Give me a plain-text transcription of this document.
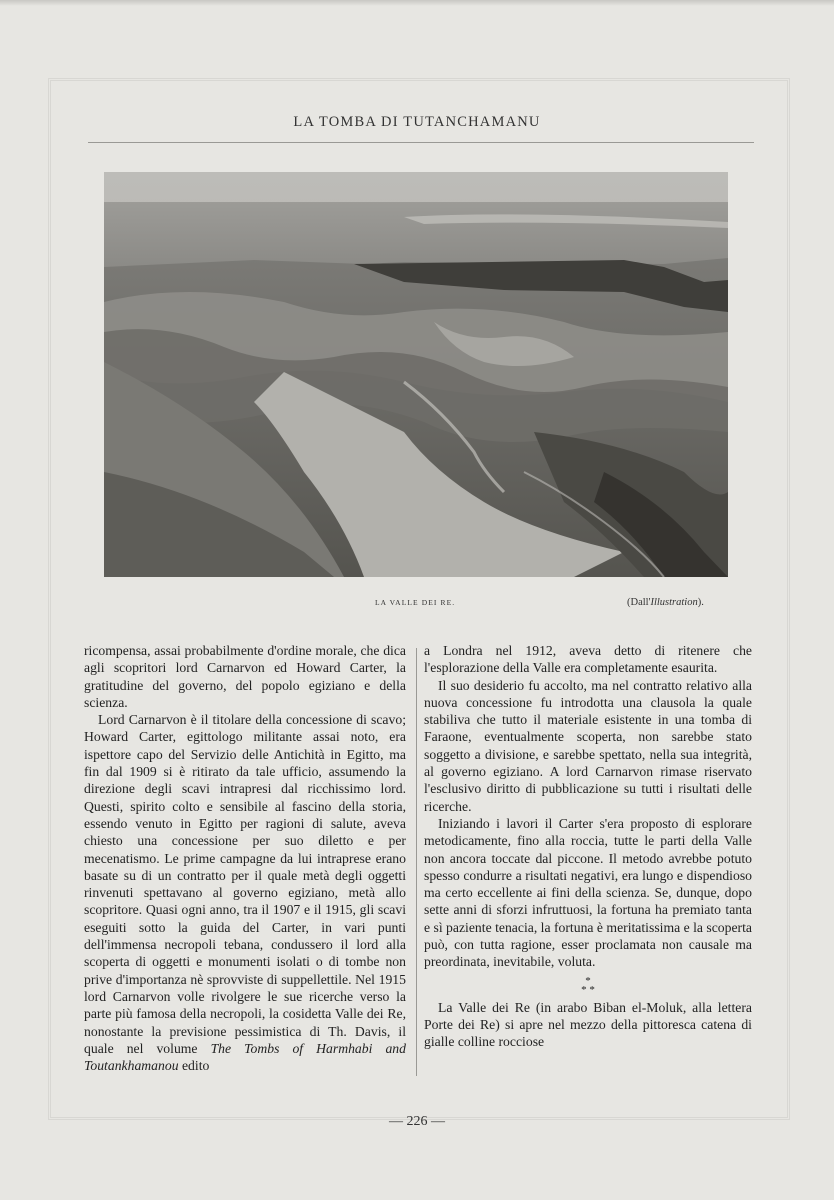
LA TOMBA DI TUTANCHAMANU
LA VALLE DEI RE.	(Dall'Illustration).

ricompensa, assai probabilmente d'ordine morale, che dica agli scopritori lord Carnarvon ed Howard Carter, la gratitudine del governo, del popolo egiziano e della scienza.

Lord Carnarvon è il titolare della concessione di scavo; Howard Carter, egittologo militante assai noto, era ispettore capo del Servizio delle Antichità in Egitto, ma fin dal 1909 si è ritirato da tale ufficio, assumendo la direzione degli scavi intrapresi dal ricchissimo lord. Questi, spirito colto e sensibile al fascino della storia, essendo venuto in Egitto per ragioni di salute, aveva chiesto una concessione per suo diletto e per mecenatismo. Le prime campagne da lui intraprese erano basate su di un contratto per il quale metà degli oggetti rinvenuti spettavano al governo egiziano, metà allo scopritore. Quasi ogni anno, tra il 1907 e il 1915, gli scavi eseguiti sotto la guida del Carter, in vari punti dell'immensa necropoli tebana, condussero il lord alla scoperta di oggetti e monumenti isolati o di tombe non prive d'importanza nè sprovviste di suppellettile. Nel 1915 lord Carnarvon volle rivolgere le sue ricerche verso la parte più famosa della necropoli, la cosidetta Valle dei Re, nonostante la previsione pessimistica di Th. Davis, il quale nel volume The Tombs of Harmhabi and Toutankhamanou edito

a Londra nel 1912, aveva detto di ritenere che l'esplorazione della Valle era completamente esaurita.

Il suo desiderio fu accolto, ma nel contratto relativo alla nuova concessione fu introdotta una clausola la quale stabiliva che tutto il materiale esistente in una tomba di Faraone, eventualmente scoperta, non sarebbe stato soggetto a divisione, e sarebbe spettato, nella sua integrità, al governo egiziano. A lord Carnarvon rimase riservato l'esclusivo diritto di pubblicazione su tutti i risultati delle ricerche.

Iniziando i lavori il Carter s'era proposto di esplorare metodicamente, fino alla roccia, tutte le parti della Valle non ancora toccate dal piccone. Il metodo avrebbe potuto spesso condurre a risultati negativi, era lungo e dispendioso ma certo eccellente ai fini della scienza. Se, dunque, dopo sette anni di sforzi infruttuosi, la fortuna ha premiato tanta e sì paziente tenacia, la fortuna è meritatissima e la scoperta può, con tutta ragione, esser proclamata non causale ma preordinata, inevitabile, voluta.

*
* *

La Valle dei Re (in arabo Biban el-Moluk, alla lettera Porte dei Re) si apre nel mezzo della pittoresca catena di gialle colline rocciose

— 226 —
